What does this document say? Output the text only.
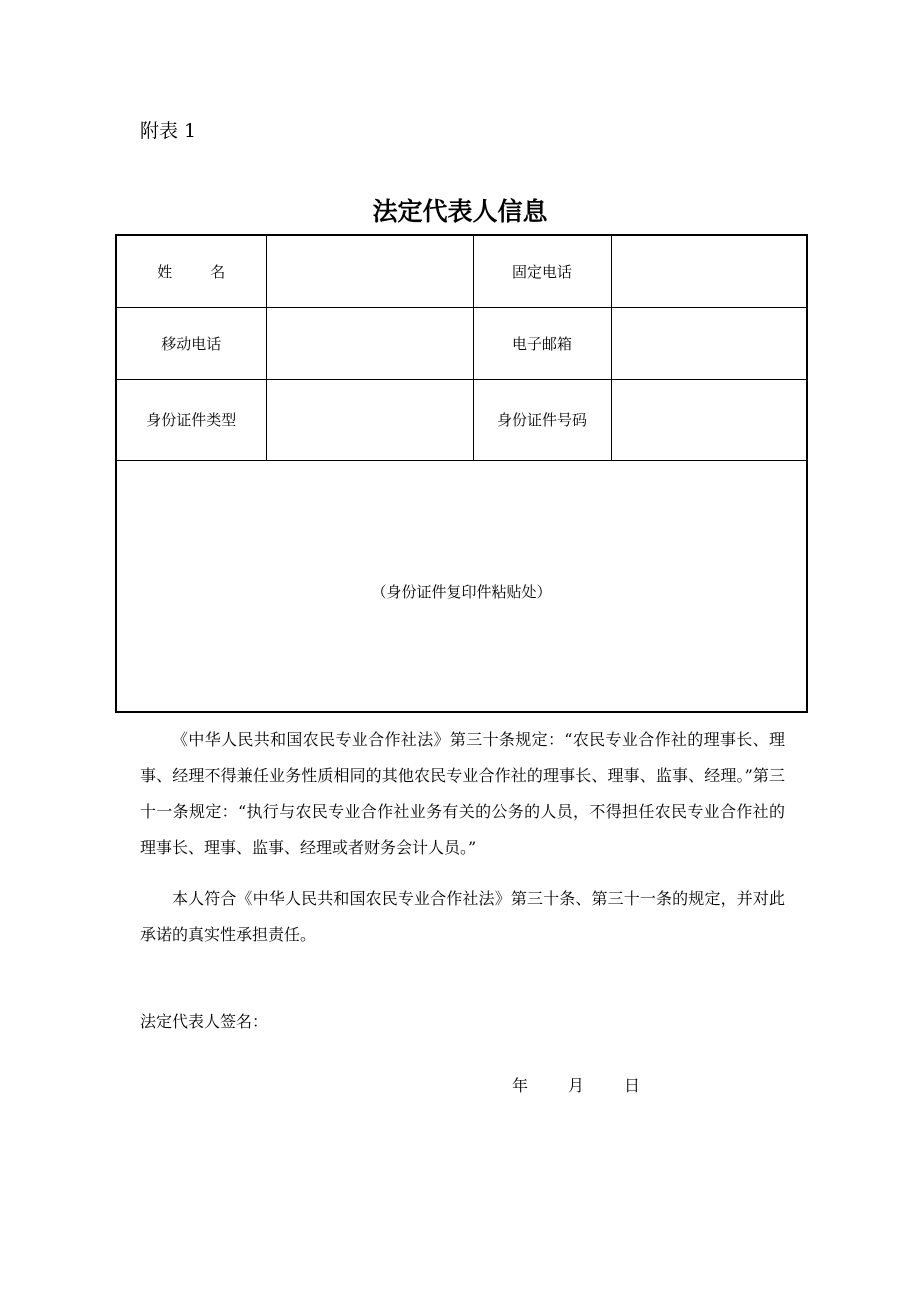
附表 1
法定代表人信息
姓 名		固定电话	
移动电话		电子邮箱	
身份证件类型		身份证件号码	
（身份证件复印件粘贴处）			

《中华人民共和国农民专业合作社法》第三十条规定：“农民专业合作社的理事长、理事、经理不得兼任业务性质相同的其他农民专业合作社的理事长、理事、监事、经理。”第三十一条规定：“执行与农民专业合作社业务有关的公务的人员，不得担任农民专业合作社的理事长、理事、监事、经理或者财务会计人员。”

本人符合《中华人民共和国农民专业合作社法》第三十条、第三十一条的规定，并对此承诺的真实性承担责任。

法定代表人签名：
年	月	日
